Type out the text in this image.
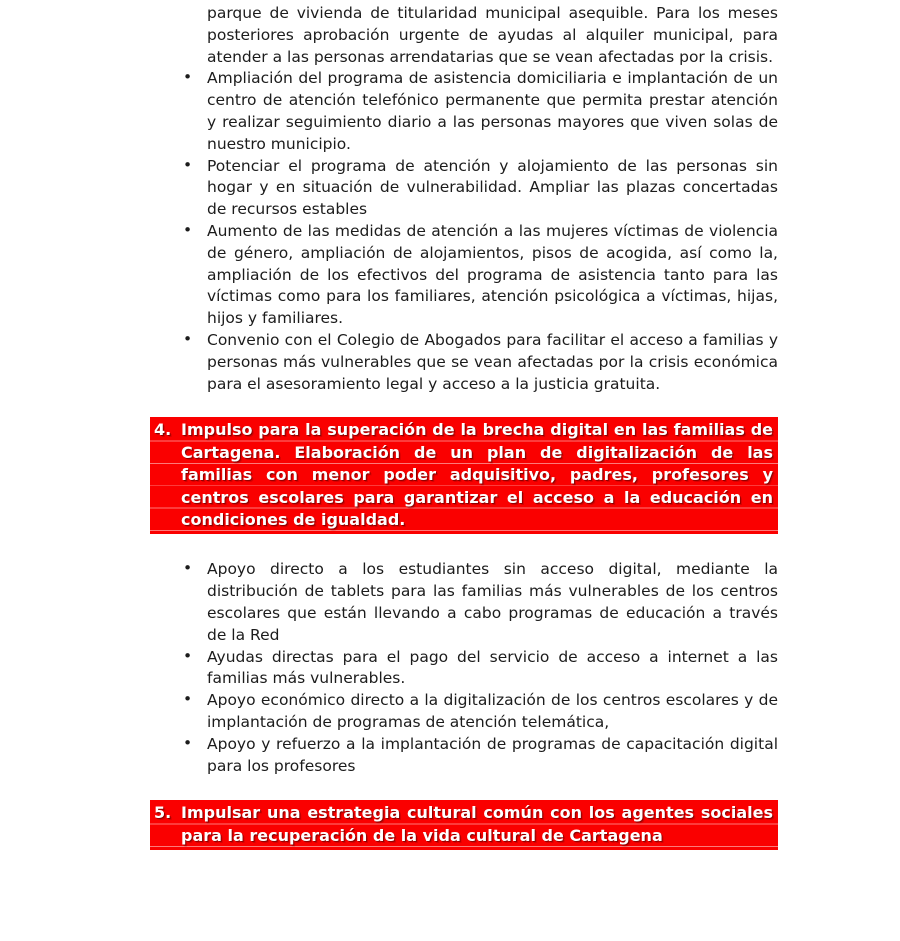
parque de vivienda de titularidad municipal asequible. Para los meses posteriores aprobación urgente de ayudas al alquiler municipal, para atender a las personas arrendatarias que se vean afectadas por la crisis.

• Ampliación del programa de asistencia domiciliaria e implantación de un centro de atención telefónico permanente que permita prestar atención y realizar seguimiento diario a las personas mayores que viven solas de nuestro municipio.
• Potenciar el programa de atención y alojamiento de las personas sin hogar y en situación de vulnerabilidad. Ampliar las plazas concertadas de recursos estables
• Aumento de las medidas de atención a las mujeres víctimas de violencia de género, ampliación de alojamientos, pisos de acogida, así como la, ampliación de los efectivos del programa de asistencia tanto para las víctimas como para los familiares, atención psicológica a víctimas, hijas, hijos y familiares.
• Convenio con el Colegio de Abogados para facilitar el acceso a familias y personas más vulnerables que se vean afectadas por la crisis económica para el asesoramiento legal y acceso a la justicia gratuita.
4. Impulso para la superación de la brecha digital en las familias de Cartagena. Elaboración de un plan de digitalización de las familias con menor poder adquisitivo, padres, profesores y centros escolares para garantizar el acceso a la educación en condiciones de igualdad.
• Apoyo directo a los estudiantes sin acceso digital, mediante la distribución de tablets para las familias más vulnerables de los centros escolares que están llevando a cabo programas de educación a través de la Red
• Ayudas directas para el pago del servicio de acceso a internet a las familias más vulnerables.
• Apoyo económico directo a la digitalización de los centros escolares y de implantación de programas de atención telemática,
• Apoyo y refuerzo a la implantación de programas de capacitación digital para los profesores
5. Impulsar una estrategia cultural común con los agentes sociales para la recuperación de la vida cultural de Cartagena
